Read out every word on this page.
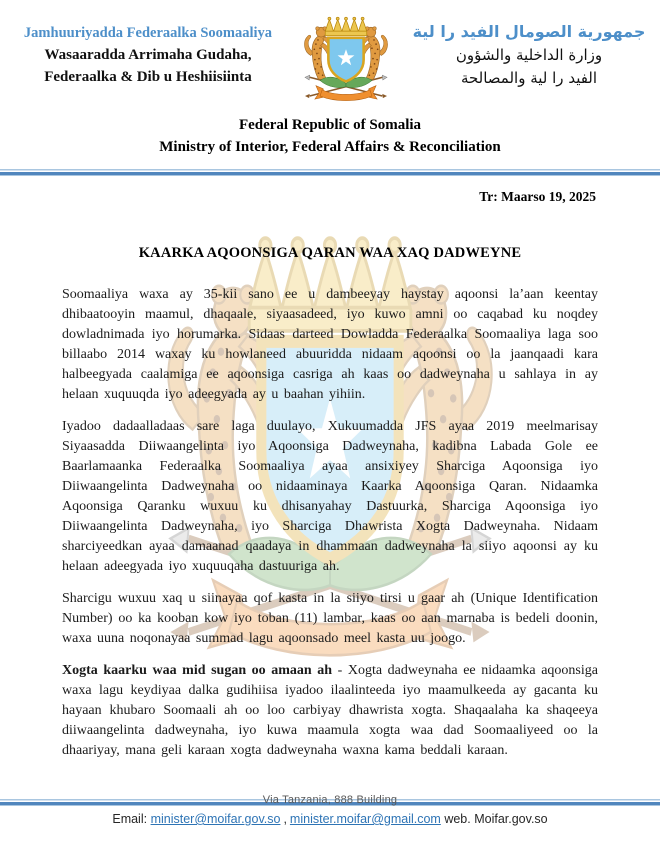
Jamhuuriyadda Federaalka Soomaaliya
Wasaaradda Arrimaha Gudaha,
Federaalka & Dib u Heshiisiinta
جمهورية الصومال الفيد را لية
وزارة الداخلية والشؤون
الفيد را لية والمصالحة
Federal Republic of Somalia
Ministry of Interior, Federal Affairs & Reconciliation
Tr: Maarso 19, 2025
KAARKA AQOONSIGA QARAN WAA XAQ DADWEYNE

Soomaaliya waxa ay 35-kii sano ee u dambeeyay haystay aqoonsi la’aan keentay dhibaatooyin maamul, dhaqaale, siyaasadeed, iyo kuwo amni oo caqabad ku noqdey dowladnimada iyo horumarka. Sidaas darteed Dowladda Federaalka Soomaaliya laga soo billaabo 2014 waxay ku howlaneed abuuridda nidaam aqoonsi oo la jaanqaadi kara halbeegyada caalamiga ee aqoonsiga casriga ah kaas oo dadweynaha u sahlaya in ay helaan xuquuqda iyo adeegyada ay u baahan yihiin.

Iyadoo dadaalladaas sare laga duulayo, Xukuumadda JFS ayaa 2019 meelmarisay Siyaasadda Diiwaangelinta iyo Aqoonsiga Dadweynaha, kadibna Labada Gole ee Baarlamaanka Federaalka Soomaaliya ayaa ansixiyey Sharciga Aqoonsiga iyo Diiwaangelinta Dadweynaha oo nidaaminaya Kaarka Aqoonsiga Qaran. Nidaamka Aqoonsiga Qaranku wuxuu ku dhisanyahay Dastuurka, Sharciga Aqoonsiga iyo Diiwaangelinta Dadweynaha, iyo Sharciga Dhawrista Xogta Dadweynaha. Nidaam sharciyeedkan ayaa damaanad qaadaya in dhammaan dadweynaha la siiyo aqoonsi ay ku helaan adeegyada iyo xuquuqaha dastuuriga ah.

Sharcigu wuxuu xaq u siinayaa qof kasta in la siiyo tirsi u gaar ah (Unique Identification Number) oo ka kooban kow iyo toban (11) lambar, kaas oo aan marnaba is bedeli doonin, waxa uuna noqonayaa summad lagu aqoonsado meel kasta uu joogo.

Xogta kaarku waa mid sugan oo amaan ah - Xogta dadweynaha ee nidaamka aqoonsiga waxa lagu keydiyaa dalka gudihiisa iyadoo ilaalinteeda iyo maamulkeeda ay gacanta ku hayaan khubaro Soomaali ah oo loo carbiyay dhawrista xogta. Shaqaalaha ka shaqeeya diiwaangelinta dadweynaha, iyo kuwa maamula xogta waa dad Soomaaliyeed oo la dhaariyay, mana geli karaan xogta dadweynaha waxna kama beddali karaan.

Via Tanzania, 888 Building
Email: minister@moifar.gov.so , minister.moifar@gmail.com web. Moifar.gov.so
